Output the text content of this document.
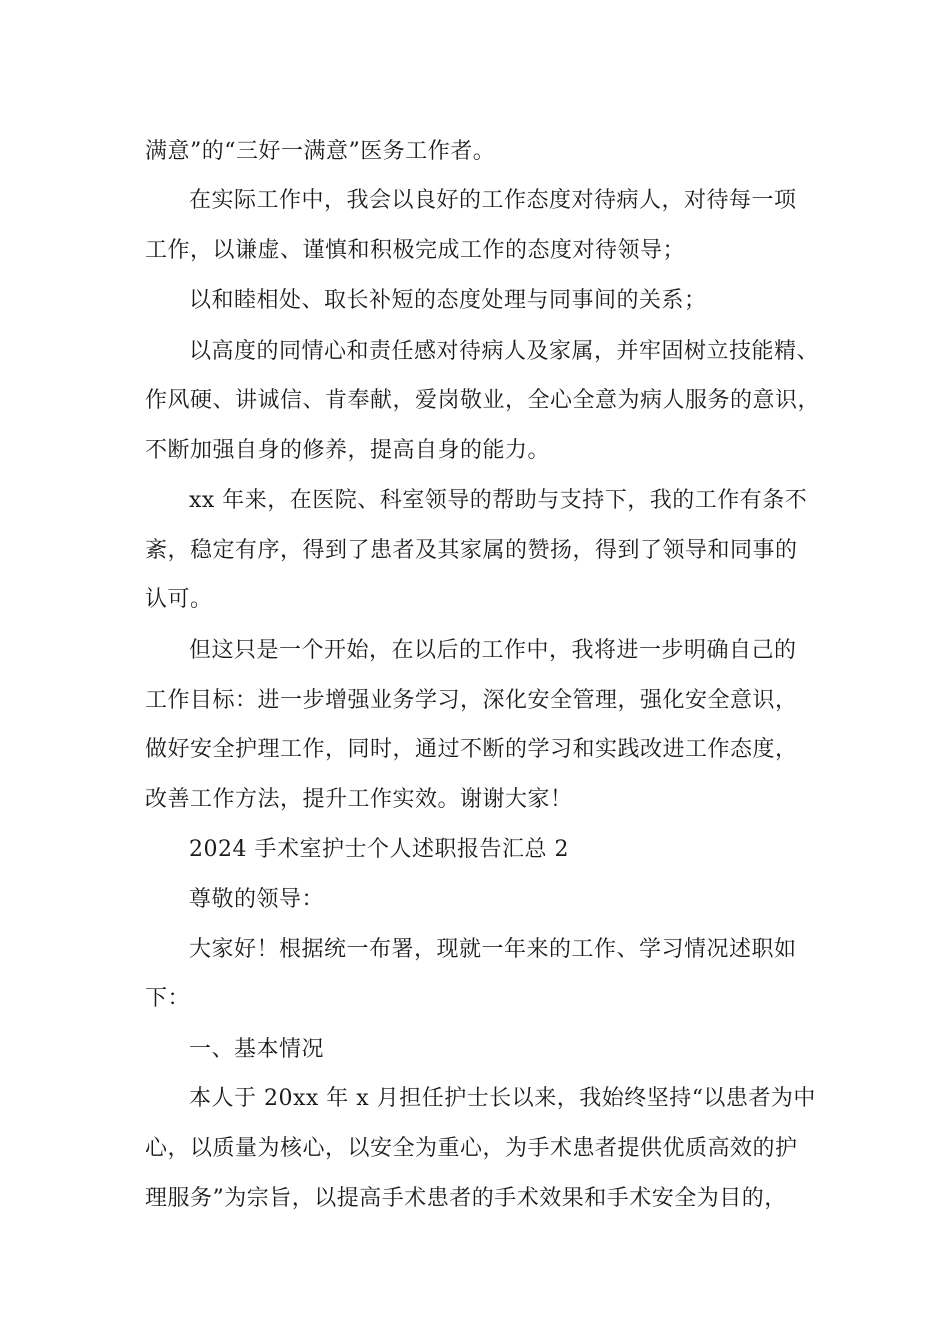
满意”的“三好一满意”医务工作者。
在实际工作中，我会以良好的工作态度对待病人，对待每一项
工作，以谦虚、谨慎和积极完成工作的态度对待领导；
以和睦相处、取长补短的态度处理与同事间的关系；
以高度的同情心和责任感对待病人及家属，并牢固树立技能精、
作风硬、讲诚信、肯奉献，爱岗敬业，全心全意为病人服务的意识，
不断加强自身的修养，提高自身的能力。
xx 年来，在医院、科室领导的帮助与支持下，我的工作有条不
紊，稳定有序，得到了患者及其家属的赞扬，得到了领导和同事的
认可。
但这只是一个开始，在以后的工作中，我将进一步明确自己的
工作目标：进一步增强业务学习，深化安全管理，强化安全意识，
做好安全护理工作，同时，通过不断的学习和实践改进工作态度，
改善工作方法，提升工作实效。谢谢大家！
2024 手术室护士个人述职报告汇总 2
尊敬的领导：
大家好！根据统一布署，现就一年来的工作、学习情况述职如
下：
一、基本情况
本人于 20xx 年 x 月担任护士长以来，我始终坚持“以患者为中
心，以质量为核心，以安全为重心，为手术患者提供优质高效的护
理服务”为宗旨，以提高手术患者的手术效果和手术安全为目的，
